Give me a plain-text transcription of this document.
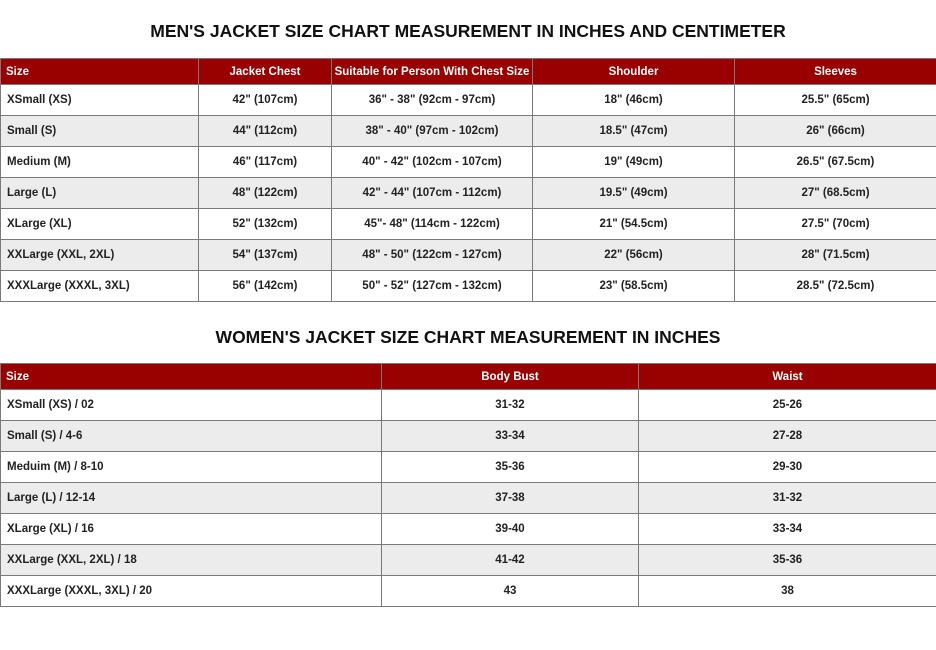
MEN'S JACKET SIZE CHART MEASUREMENT IN INCHES AND CENTIMETER
Size	Jacket Chest	Suitable for Person With Chest Size	Shoulder	Sleeves
XSmall (XS)	42" (107cm)	36" - 38" (92cm - 97cm)	18" (46cm)	25.5" (65cm)
Small (S)	44" (112cm)	38" - 40" (97cm - 102cm)	18.5" (47cm)	26" (66cm)
Medium (M)	46" (117cm)	40" - 42" (102cm - 107cm)	19" (49cm)	26.5" (67.5cm)
Large (L)	48" (122cm)	42" - 44" (107cm - 112cm)	19.5" (49cm)	27" (68.5cm)
XLarge (XL)	52" (132cm)	45"- 48" (114cm - 122cm)	21" (54.5cm)	27.5" (70cm)
XXLarge (XXL, 2XL)	54" (137cm)	48" - 50" (122cm - 127cm)	22" (56cm)	28" (71.5cm)
XXXLarge (XXXL, 3XL)	56" (142cm)	50" - 52" (127cm - 132cm)	23" (58.5cm)	28.5" (72.5cm)
WOMEN'S JACKET SIZE CHART MEASUREMENT IN INCHES
Size	Body Bust	Waist
XSmall (XS) / 02	31-32	25-26
Small (S) / 4-6	33-34	27-28
Meduim (M) / 8-10	35-36	29-30
Large (L) / 12-14	37-38	31-32
XLarge (XL) / 16	39-40	33-34
XXLarge (XXL, 2XL) / 18	41-42	35-36
XXXLarge (XXXL, 3XL) / 20	43	38
